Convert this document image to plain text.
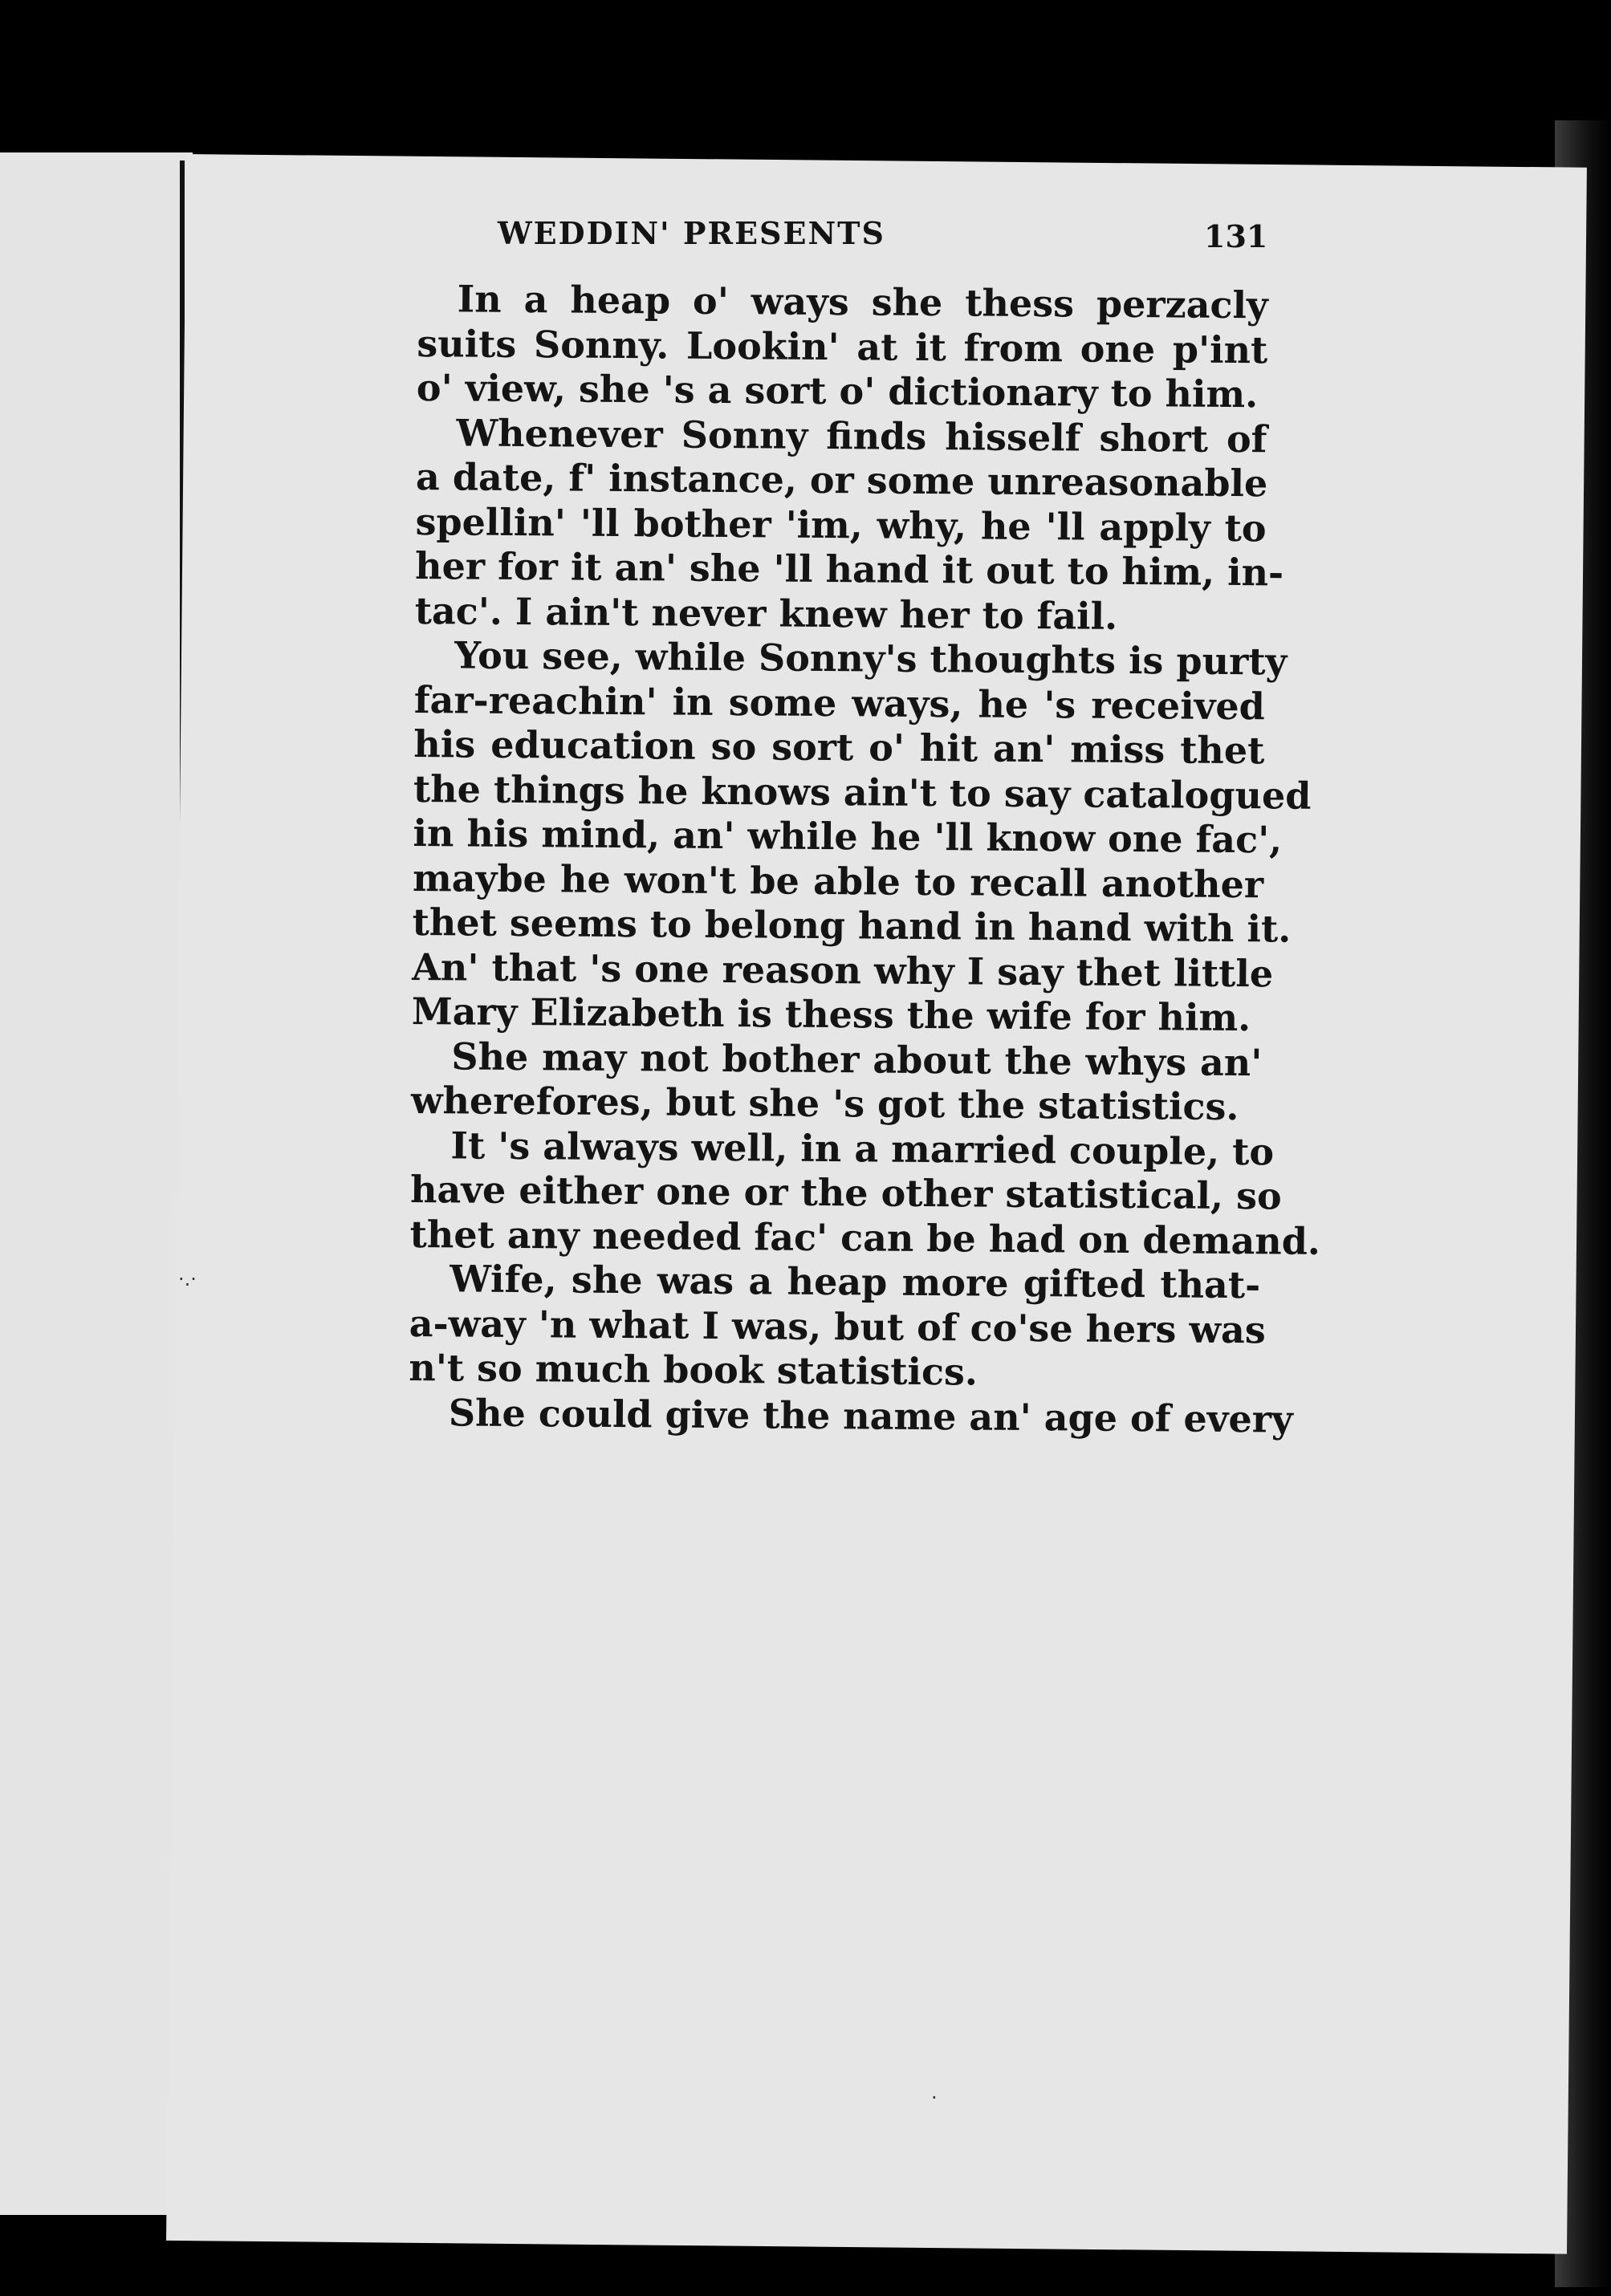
WEDDIN' PRESENTS	131
In a heap o' ways she thess perzacly
suits Sonny. Lookin' at it from one p'int
o' view, she 's a sort o' dictionary to him.
Whenever Sonny finds hisself short of
a date, f' instance, or some unreasonable
spellin' 'll bother 'im, why, he 'll apply to
her for it an' she 'll hand it out to him, in-
tac'. I ain't never knew her to fail.
You see, while Sonny's thoughts is purty
far-reachin' in some ways, he 's received
his education so sort o' hit an' miss thet
the things he knows ain't to say catalogued
in his mind, an' while he 'll know one fac',
maybe he won't be able to recall another
thet seems to belong hand in hand with it.
An' that 's one reason why I say thet little
Mary Elizabeth is thess the wife for him.
She may not bother about the whys an'
wherefores, but she 's got the statistics.
It 's always well, in a married couple, to
have either one or the other statistical, so
thet any needed fac' can be had on demand.
Wife, she was a heap more gifted that-
a-way 'n what I was, but of co'se hers was
n't so much book statistics.
She could give the name an' age of every
·.·
·
